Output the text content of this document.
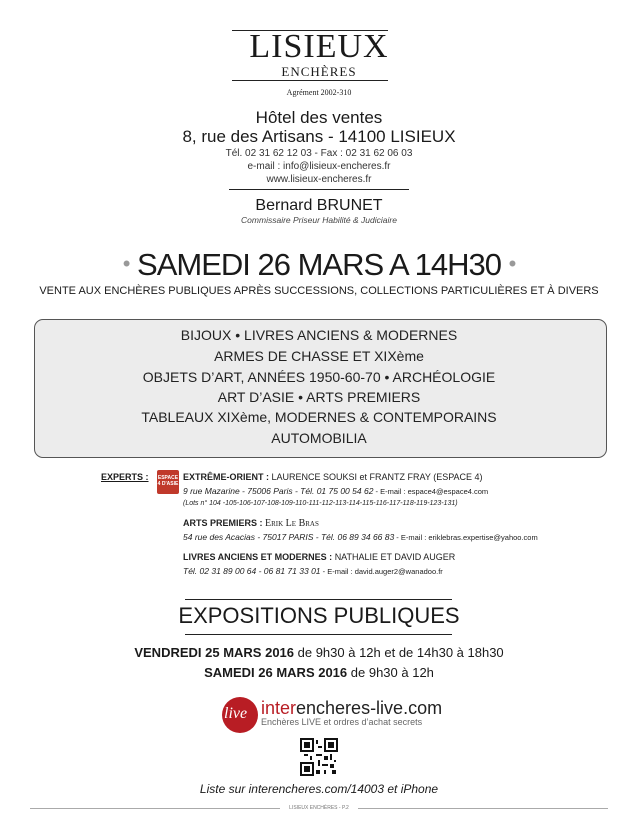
LISIEUX
ENCHÈRES
Agrément 2002-310
Hôtel des ventes
8, rue des Artisans - 14100 LISIEUX
Tél. 02 31 62 12 03 - Fax : 02 31 62 06 03
e-mail : info@lisieux-encheres.fr
www.lisieux-encheres.fr
Bernard BRUNET
Commissaire Priseur Habilité & Judiciaire
• SAMEDI 26 MARS A 14H30 •
VENTE AUX ENCHÈRES PUBLIQUES APRÈS SUCCESSIONS, COLLECTIONS PARTICULIÈRES ET À DIVERS
BIJOUX • LIVRES ANCIENS & MODERNES
ARMES DE CHASSE ET XIXème
OBJETS D’ART, ANNÉES 1950-60-70 • ARCHÉOLOGIE
ART D’ASIE • ARTS PREMIERS
TABLEAUX XIXème, MODERNES & CONTEMPORAINS
AUTOMOBILIA
EXPERTS : ESPACE 4 D'ASIE
EXTRÊME-ORIENT : LAURENCE SOUKSI et FRANTZ FRAY (ESPACE 4)
9 rue Mazarine - 75006 Paris - Tél. 01 75 00 54 62 - E-mail : espace4@espace4.com
(Lots n° 104 -105-106-107-108-109-110-111-112-113-114-115-116-117-118-119-123-131)
ARTS PREMIERS : Erik Le Bras
54 rue des Acacias - 75017 PARIS - Tél. 06 89 34 66 83 - E-mail : eriklebras.expertise@yahoo.com
LIVRES ANCIENS ET MODERNES : NATHALIE ET DAVID AUGER
Tél. 02 31 89 00 64 - 06 81 71 33 01 - E-mail : david.auger2@wanadoo.fr
EXPOSITIONS PUBLIQUES
VENDREDI 25 MARS 2016 de 9h30 à 12h et de 14h30 à 18h30
SAMEDI 26 MARS 2016 de 9h30 à 12h
live interencheres-live.com
Enchères LIVE et ordres d’achat secrets
Liste sur interencheres.com/14003 et iPhone
LISIEUX ENCHÈRES - P.2
